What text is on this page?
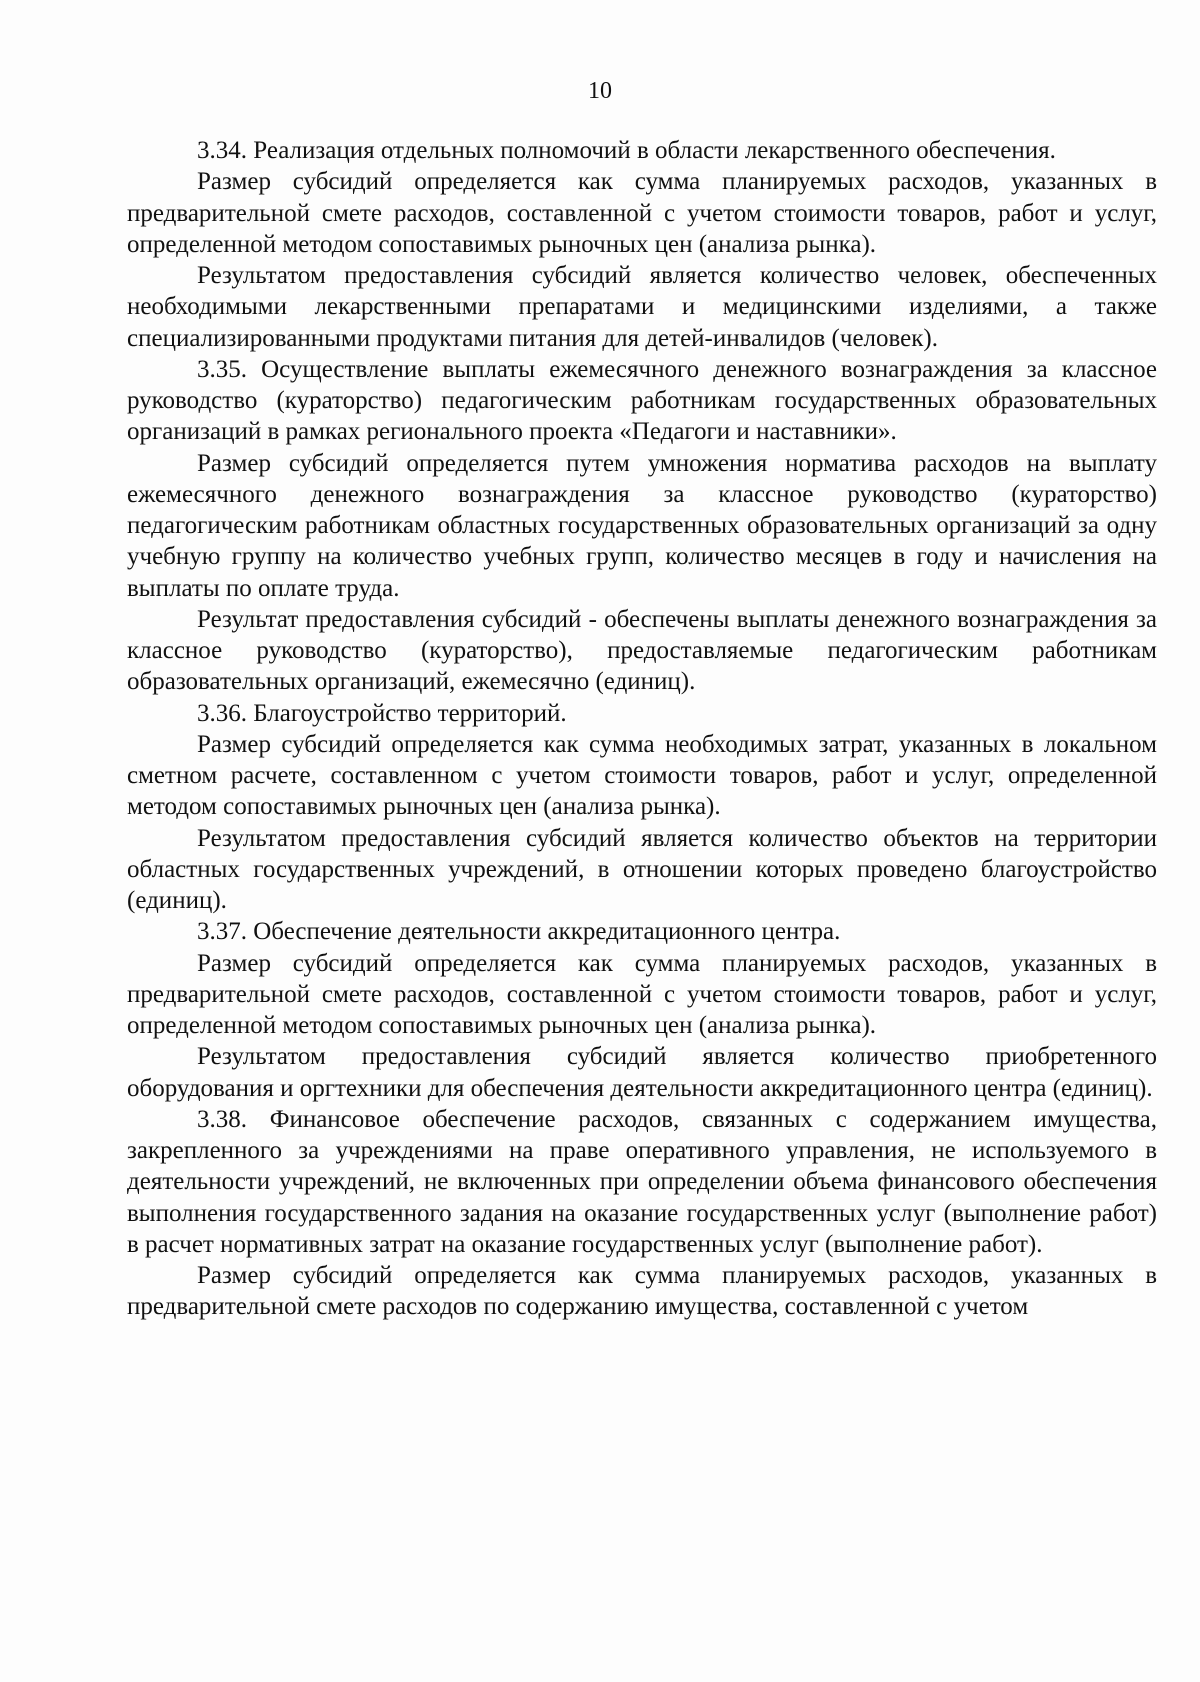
10

3.34. Реализация отдельных полномочий в области лекарственного обеспечения.

Размер субсидий определяется как сумма планируемых расходов, указанных в предварительной смете расходов, составленной с учетом стоимости товаров, работ и услуг, определенной методом сопоставимых рыночных цен (анализа рынка).

Результатом предоставления субсидий является количество человек, обеспеченных необходимыми лекарственными препаратами и медицинскими изделиями, а также специализированными продуктами питания для детей-инвалидов (человек).

3.35. Осуществление выплаты ежемесячного денежного вознаграждения за классное руководство (кураторство) педагогическим работникам государственных образовательных организаций в рамках регионального проекта «Педагоги и наставники».

Размер субсидий определяется путем умножения норматива расходов на выплату ежемесячного денежного вознаграждения за классное руководство (кураторство) педагогическим работникам областных государственных образовательных организаций за одну учебную группу на количество учебных групп, количество месяцев в году и начисления на выплаты по оплате труда.

Результат предоставления субсидий - обеспечены выплаты денежного вознаграждения за классное руководство (кураторство), предоставляемые педагогическим работникам образовательных организаций, ежемесячно (единиц).

3.36. Благоустройство территорий.

Размер субсидий определяется как сумма необходимых затрат, указанных в локальном сметном расчете, составленном с учетом стоимости товаров, работ и услуг, определенной методом сопоставимых рыночных цен (анализа рынка).

Результатом предоставления субсидий является количество объектов на территории областных государственных учреждений, в отношении которых проведено благоустройство (единиц).

3.37. Обеспечение деятельности аккредитационного центра.

Размер субсидий определяется как сумма планируемых расходов, указанных в предварительной смете расходов, составленной с учетом стоимости товаров, работ и услуг, определенной методом сопоставимых рыночных цен (анализа рынка).

Результатом предоставления субсидий является количество приобретенного оборудования и оргтехники для обеспечения деятельности аккредитационного центра (единиц).

3.38. Финансовое обеспечение расходов, связанных с содержанием имущества, закрепленного за учреждениями на праве оперативного управления, не используемого в деятельности учреждений, не включенных при определении объема финансового обеспечения выполнения государственного задания на оказание государственных услуг (выполнение работ) в расчет нормативных затрат на оказание государственных услуг (выполнение работ).

Размер субсидий определяется как сумма планируемых расходов, указанных в предварительной смете расходов по содержанию имущества, составленной с учетом
